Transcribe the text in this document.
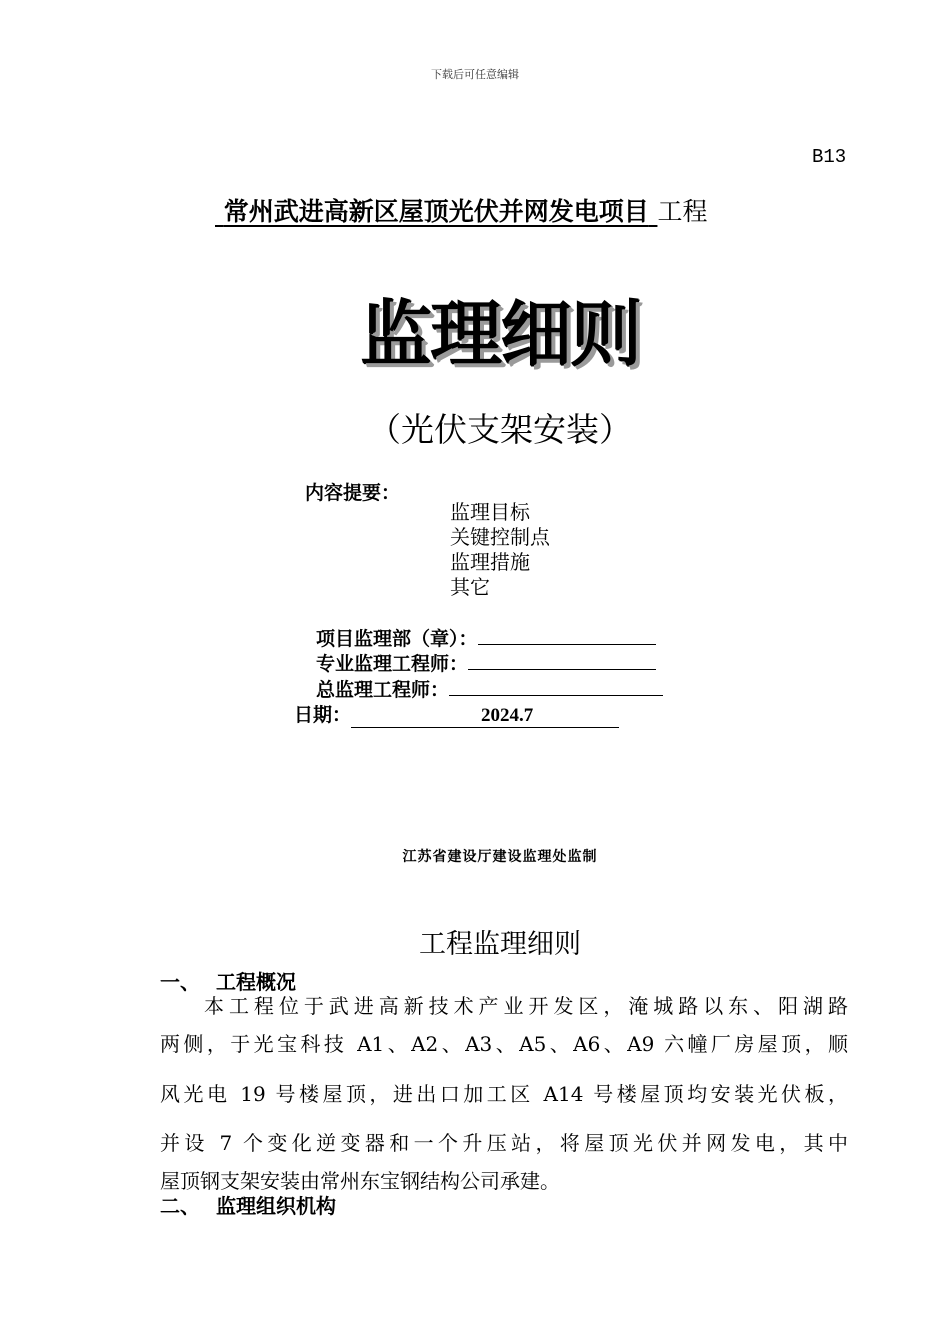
下载后可任意编辑
B13
常州武进高新区屋顶光伏并网发电项目 工程
监理细则
（光伏支架安装）
内容提要：
监理目标
关键控制点
监理措施
其它
项目监理部（章）：
专业监理工程师：
总监理工程师：
日期：	2024.7
江苏省建设厅建设监理处监制
工程监理细则
一、 工程概况
本工程位于武进高新技术产业开发区，淹城路以东、阳湖路
两侧，于光宝科技 A1、A2、A3、A5、A6、A9 六幢厂房屋顶，顺
风光电 19 号楼屋顶，进出口加工区 A14 号楼屋顶均安装光伏板，
并设 7 个变化逆变器和一个升压站，将屋顶光伏并网发电，其中
屋顶钢支架安装由常州东宝钢结构公司承建。
二、 监理组织机构
